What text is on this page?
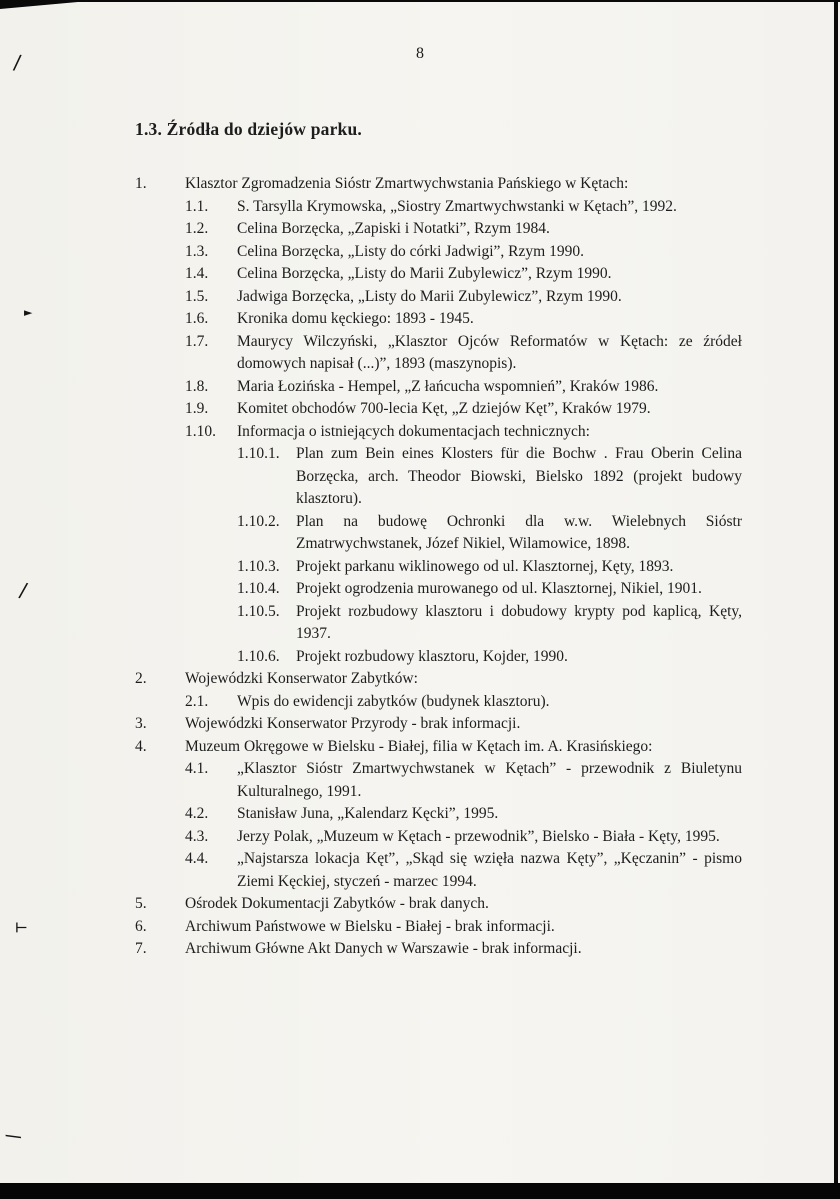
∕
►
∕
┬
∕
8
1.3. Źródła do dziejów parku.
1.	Klasztor Zgromadzenia Sióstr Zmartwychwstania Pańskiego w Kętach:
1.1.	S. Tarsylla Krymowska, „Siostry Zmartwychwstanki w Kętach”, 1992.
1.2.	Celina Borzęcka, „Zapiski i Notatki”, Rzym 1984.
1.3.	Celina Borzęcka, „Listy do córki Jadwigi”, Rzym 1990.
1.4.	Celina Borzęcka, „Listy do Marii Zubylewicz”, Rzym 1990.
1.5.	Jadwiga Borzęcka, „Listy do Marii Zubylewicz”, Rzym 1990.
1.6.	Kronika domu kęckiego: 1893 - 1945.
1.7.	Maurycy Wilczyński, „Klasztor Ojców Reformatów w Kętach: ze źródeł domowych napisał (...)”, 1893 (maszynopis).
1.8.	Maria Łozińska - Hempel, „Z łańcucha wspomnień”, Kraków 1986.
1.9.	Komitet obchodów 700-lecia Kęt, „Z dziejów Kęt”, Kraków 1979.
1.10.	Informacja o istniejących dokumentacjach technicznych:
1.10.1.	Plan zum Bein eines Klosters für die Bochw . Frau Oberin Celina Borzęcka, arch. Theodor Biowski, Bielsko 1892 (projekt budowy klasztoru).
1.10.2.	Plan na budowę Ochronki dla w.w. Wielebnych Sióstr Zmatrwychwstanek, Józef Nikiel, Wilamowice, 1898.
1.10.3.	Projekt parkanu wiklinowego od ul. Klasztornej, Kęty, 1893.
1.10.4.	Projekt ogrodzenia murowanego od ul. Klasztornej, Nikiel, 1901.
1.10.5.	Projekt rozbudowy klasztoru i dobudowy krypty pod kaplicą, Kęty, 1937.
1.10.6.	Projekt rozbudowy klasztoru, Kojder, 1990.
2.	Wojewódzki Konserwator Zabytków:
2.1.	Wpis do ewidencji zabytków (budynek klasztoru).
3.	Wojewódzki Konserwator Przyrody - brak informacji.
4.	Muzeum Okręgowe w Bielsku - Białej, filia w Kętach im. A. Krasińskiego:
4.1.	„Klasztor Sióstr Zmartwychwstanek w Kętach” - przewodnik z Biuletynu Kulturalnego, 1991.
4.2.	Stanisław Juna, „Kalendarz Kęcki”, 1995.
4.3.	Jerzy Polak, „Muzeum w Kętach - przewodnik”, Bielsko - Biała - Kęty, 1995.
4.4.	„Najstarsza lokacja Kęt”, „Skąd się wzięła nazwa Kęty”, „Kęczanin” - pismo Ziemi Kęckiej, styczeń - marzec 1994.
5.	Ośrodek Dokumentacji Zabytków - brak danych.
6.	Archiwum Państwowe w Bielsku - Białej - brak informacji.
7.	Archiwum Główne Akt Danych w Warszawie - brak informacji.
